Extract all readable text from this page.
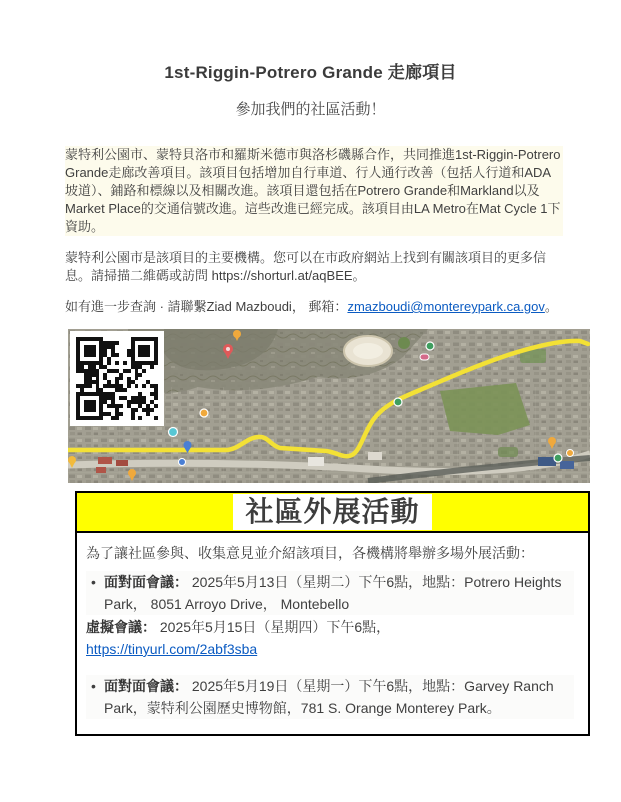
1st-Riggin-Potrero Grande 走廊項目
參加我們的社區活動！

蒙特利公園市、蒙特貝洛市和羅斯米德市與洛杉磯縣合作，共同推進1st-Riggin-Potrero Grande走廊改善項目。該項目包括增加自行車道、行人通行改善（包括人行道和ADA坡道）、鋪路和標線以及相關改進。該項目還包括在Potrero Grande和Markland以及Market Place的交通信號改進。這些改進已經完成。該項目由LA Metro在Mat Cycle 1下資助。

蒙特利公園市是該項目的主要機構。您可以在市政府網站上找到有關該項目的更多信息。請掃描二維碼或訪問 https://shorturl.at/aqBEE。

如有進一步查詢 · 請聯繫Ziad Mazboudi， 郵箱：zmazboudi@montereypark.ca.gov。

社區外展活動

為了讓社區參與、收集意見並介紹該項目，各機構將舉辦多場外展活動：

• 面對面會議： 2025年5月13日（星期二）下午6點，地點：Potrero Heights Park， 8051 Arroyo Drive， Montebello

虛擬會議： 2025年5月15日（星期四）下午6點，

https://tinyurl.com/2abf3sba
• 面對面會議： 2025年5月19日（星期一）下午6點，地點：Garvey Ranch Park，蒙特利公園歷史博物館，781 S. Orange Monterey Park。
